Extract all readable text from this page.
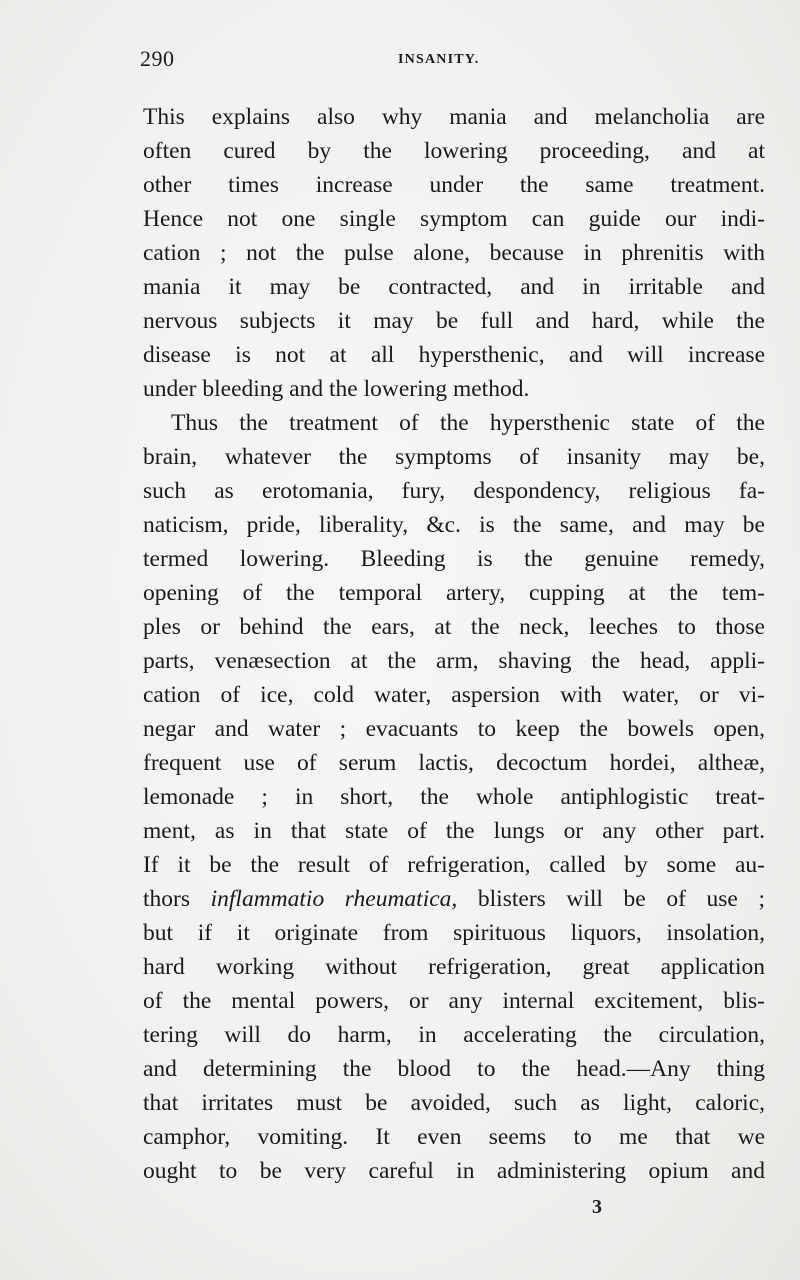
290	INSANITY.
This explains also why mania and melancholia are
often cured by the lowering proceeding, and at
other times increase under the same treatment.
Hence not one single symptom can guide our indi-
cation ; not the pulse alone, because in phrenitis with
mania it may be contracted, and in irritable and
nervous subjects it may be full and hard, while the
disease is not at all hypersthenic, and will increase
under bleeding and the lowering method.
Thus the treatment of the hypersthenic state of the
brain, whatever the symptoms of insanity may be,
such as erotomania, fury, despondency, religious fa-
naticism, pride, liberality, &c. is the same, and may be
termed lowering. Bleeding is the genuine remedy,
opening of the temporal artery, cupping at the tem-
ples or behind the ears, at the neck, leeches to those
parts, venæsection at the arm, shaving the head, appli-
cation of ice, cold water, aspersion with water, or vi-
negar and water ; evacuants to keep the bowels open,
frequent use of serum lactis, decoctum hordei, altheæ,
lemonade ; in short, the whole antiphlogistic treat-
ment, as in that state of the lungs or any other part.
If it be the result of refrigeration, called by some au-
thors inflammatio rheumatica, blisters will be of use ;
but if it originate from spirituous liquors, insolation,
hard working without refrigeration, great application
of the mental powers, or any internal excitement, blis-
tering will do harm, in accelerating the circulation,
and determining the blood to the head.—Any thing
that irritates must be avoided, such as light, caloric,
camphor, vomiting. It even seems to me that we
ought to be very careful in administering opium and
3
